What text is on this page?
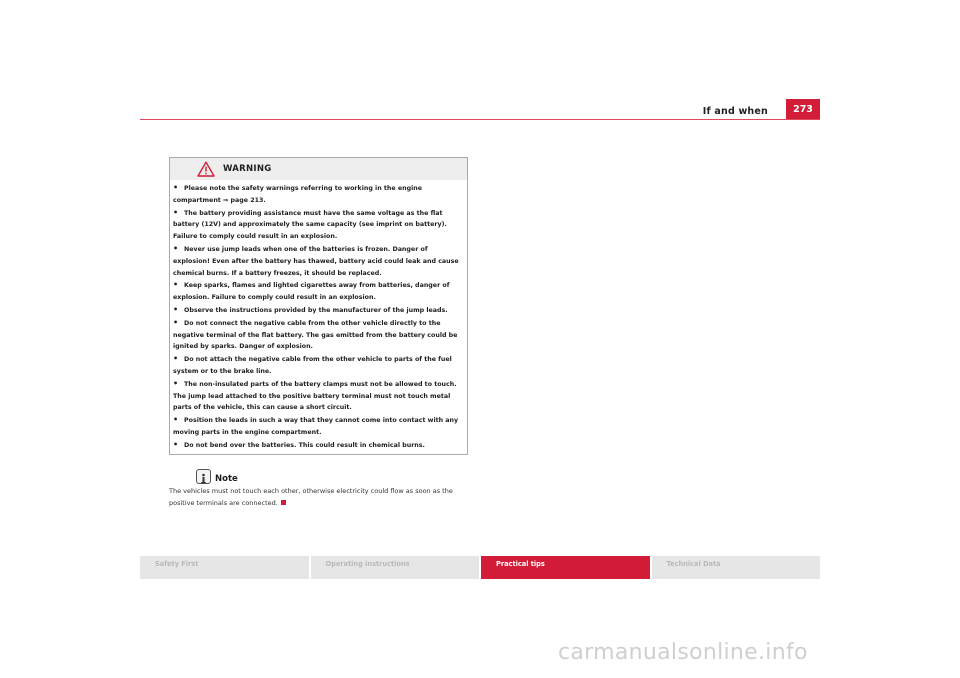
If and when	273
WARNING
• Please note the safety warnings referring to working in the engine compartment ⇒ page 213.
• The battery providing assistance must have the same voltage as the flat battery (12V) and approximately the same capacity (see imprint on battery). Failure to comply could result in an explosion.
• Never use jump leads when one of the batteries is frozen. Danger of explosion! Even after the battery has thawed, battery acid could leak and cause chemical burns. If a battery freezes, it should be replaced.
• Keep sparks, flames and lighted cigarettes away from batteries, danger of explosion. Failure to comply could result in an explosion.
• Observe the instructions provided by the manufacturer of the jump leads.
• Do not connect the negative cable from the other vehicle directly to the negative terminal of the flat battery. The gas emitted from the battery could be ignited by sparks. Danger of explosion.
• Do not attach the negative cable from the other vehicle to parts of the fuel system or to the brake line.
• The non-insulated parts of the battery clamps must not be allowed to touch. The jump lead attached to the positive battery terminal must not touch metal parts of the vehicle, this can cause a short circuit.
• Position the leads in such a way that they cannot come into contact with any moving parts in the engine compartment.
• Do not bend over the batteries. This could result in chemical burns.
Note
The vehicles must not touch each other, otherwise electricity could flow as soon as the positive terminals are connected.
Safety First	Operating instructions	Practical tips	Technical Data
carmanualsonline.info
